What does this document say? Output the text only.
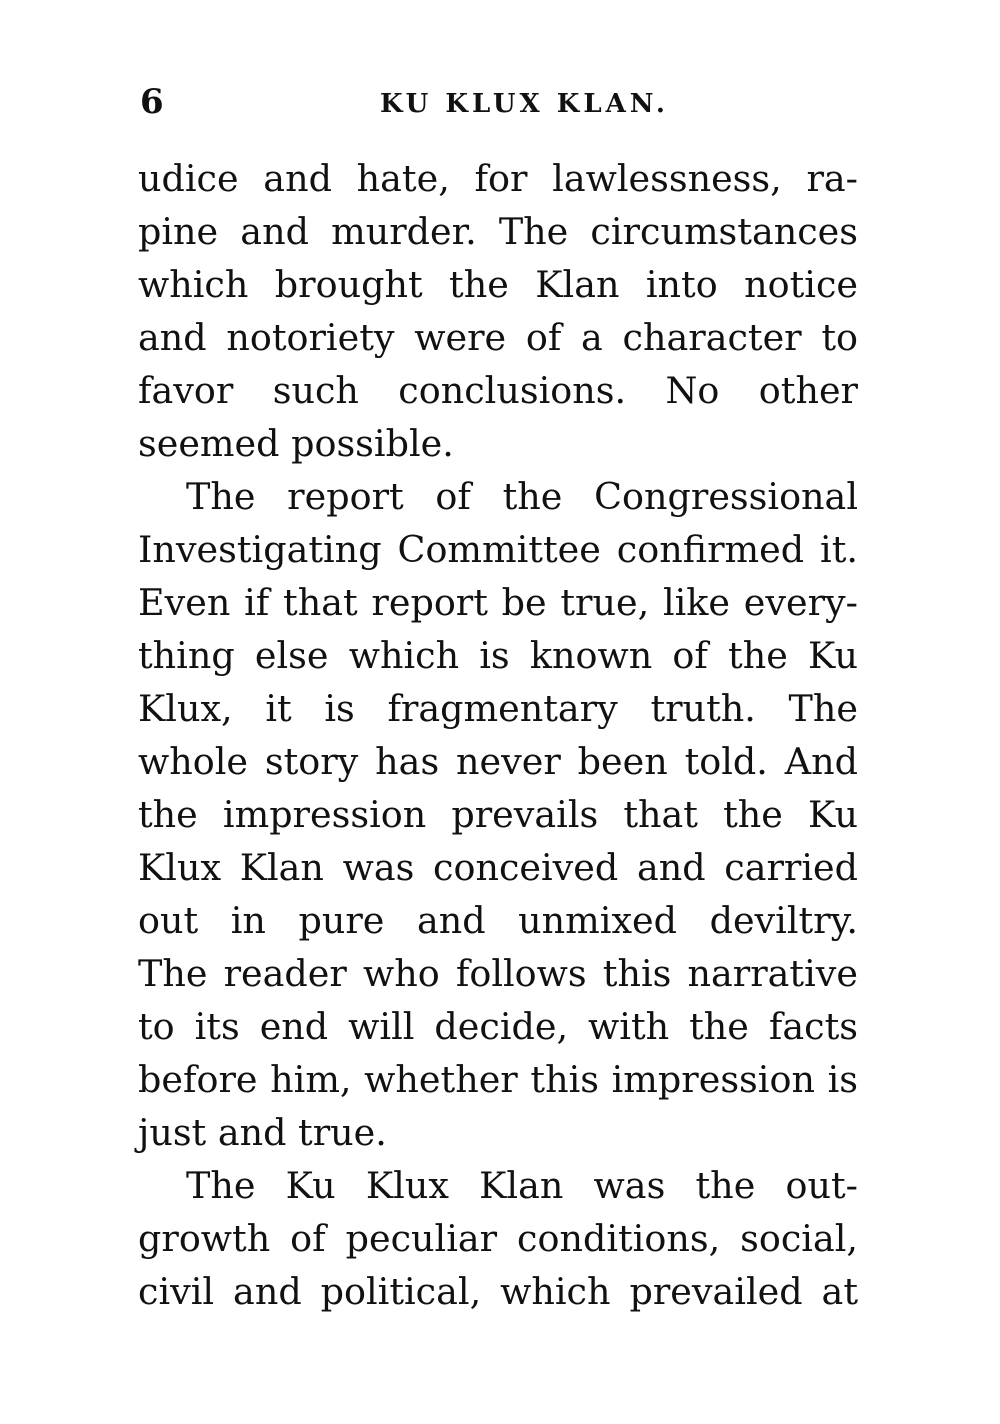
6	KU KLUX KLAN.
udice and hate, for lawlessness, ra-
pine and murder. The circumstances
which brought the Klan into notice
and notoriety were of a character to
favor such conclusions. No other
seemed possible.
The report of the Congressional
Investigating Committee confirmed it.
Even if that report be true, like every-
thing else which is known of the Ku
Klux, it is fragmentary truth. The
whole story has never been told. And
the impression prevails that the Ku
Klux Klan was conceived and carried
out in pure and unmixed deviltry.
The reader who follows this narrative
to its end will decide, with the facts
before him, whether this impression is
just and true.
The Ku Klux Klan was the out-
growth of peculiar conditions, social,
civil and political, which prevailed at
